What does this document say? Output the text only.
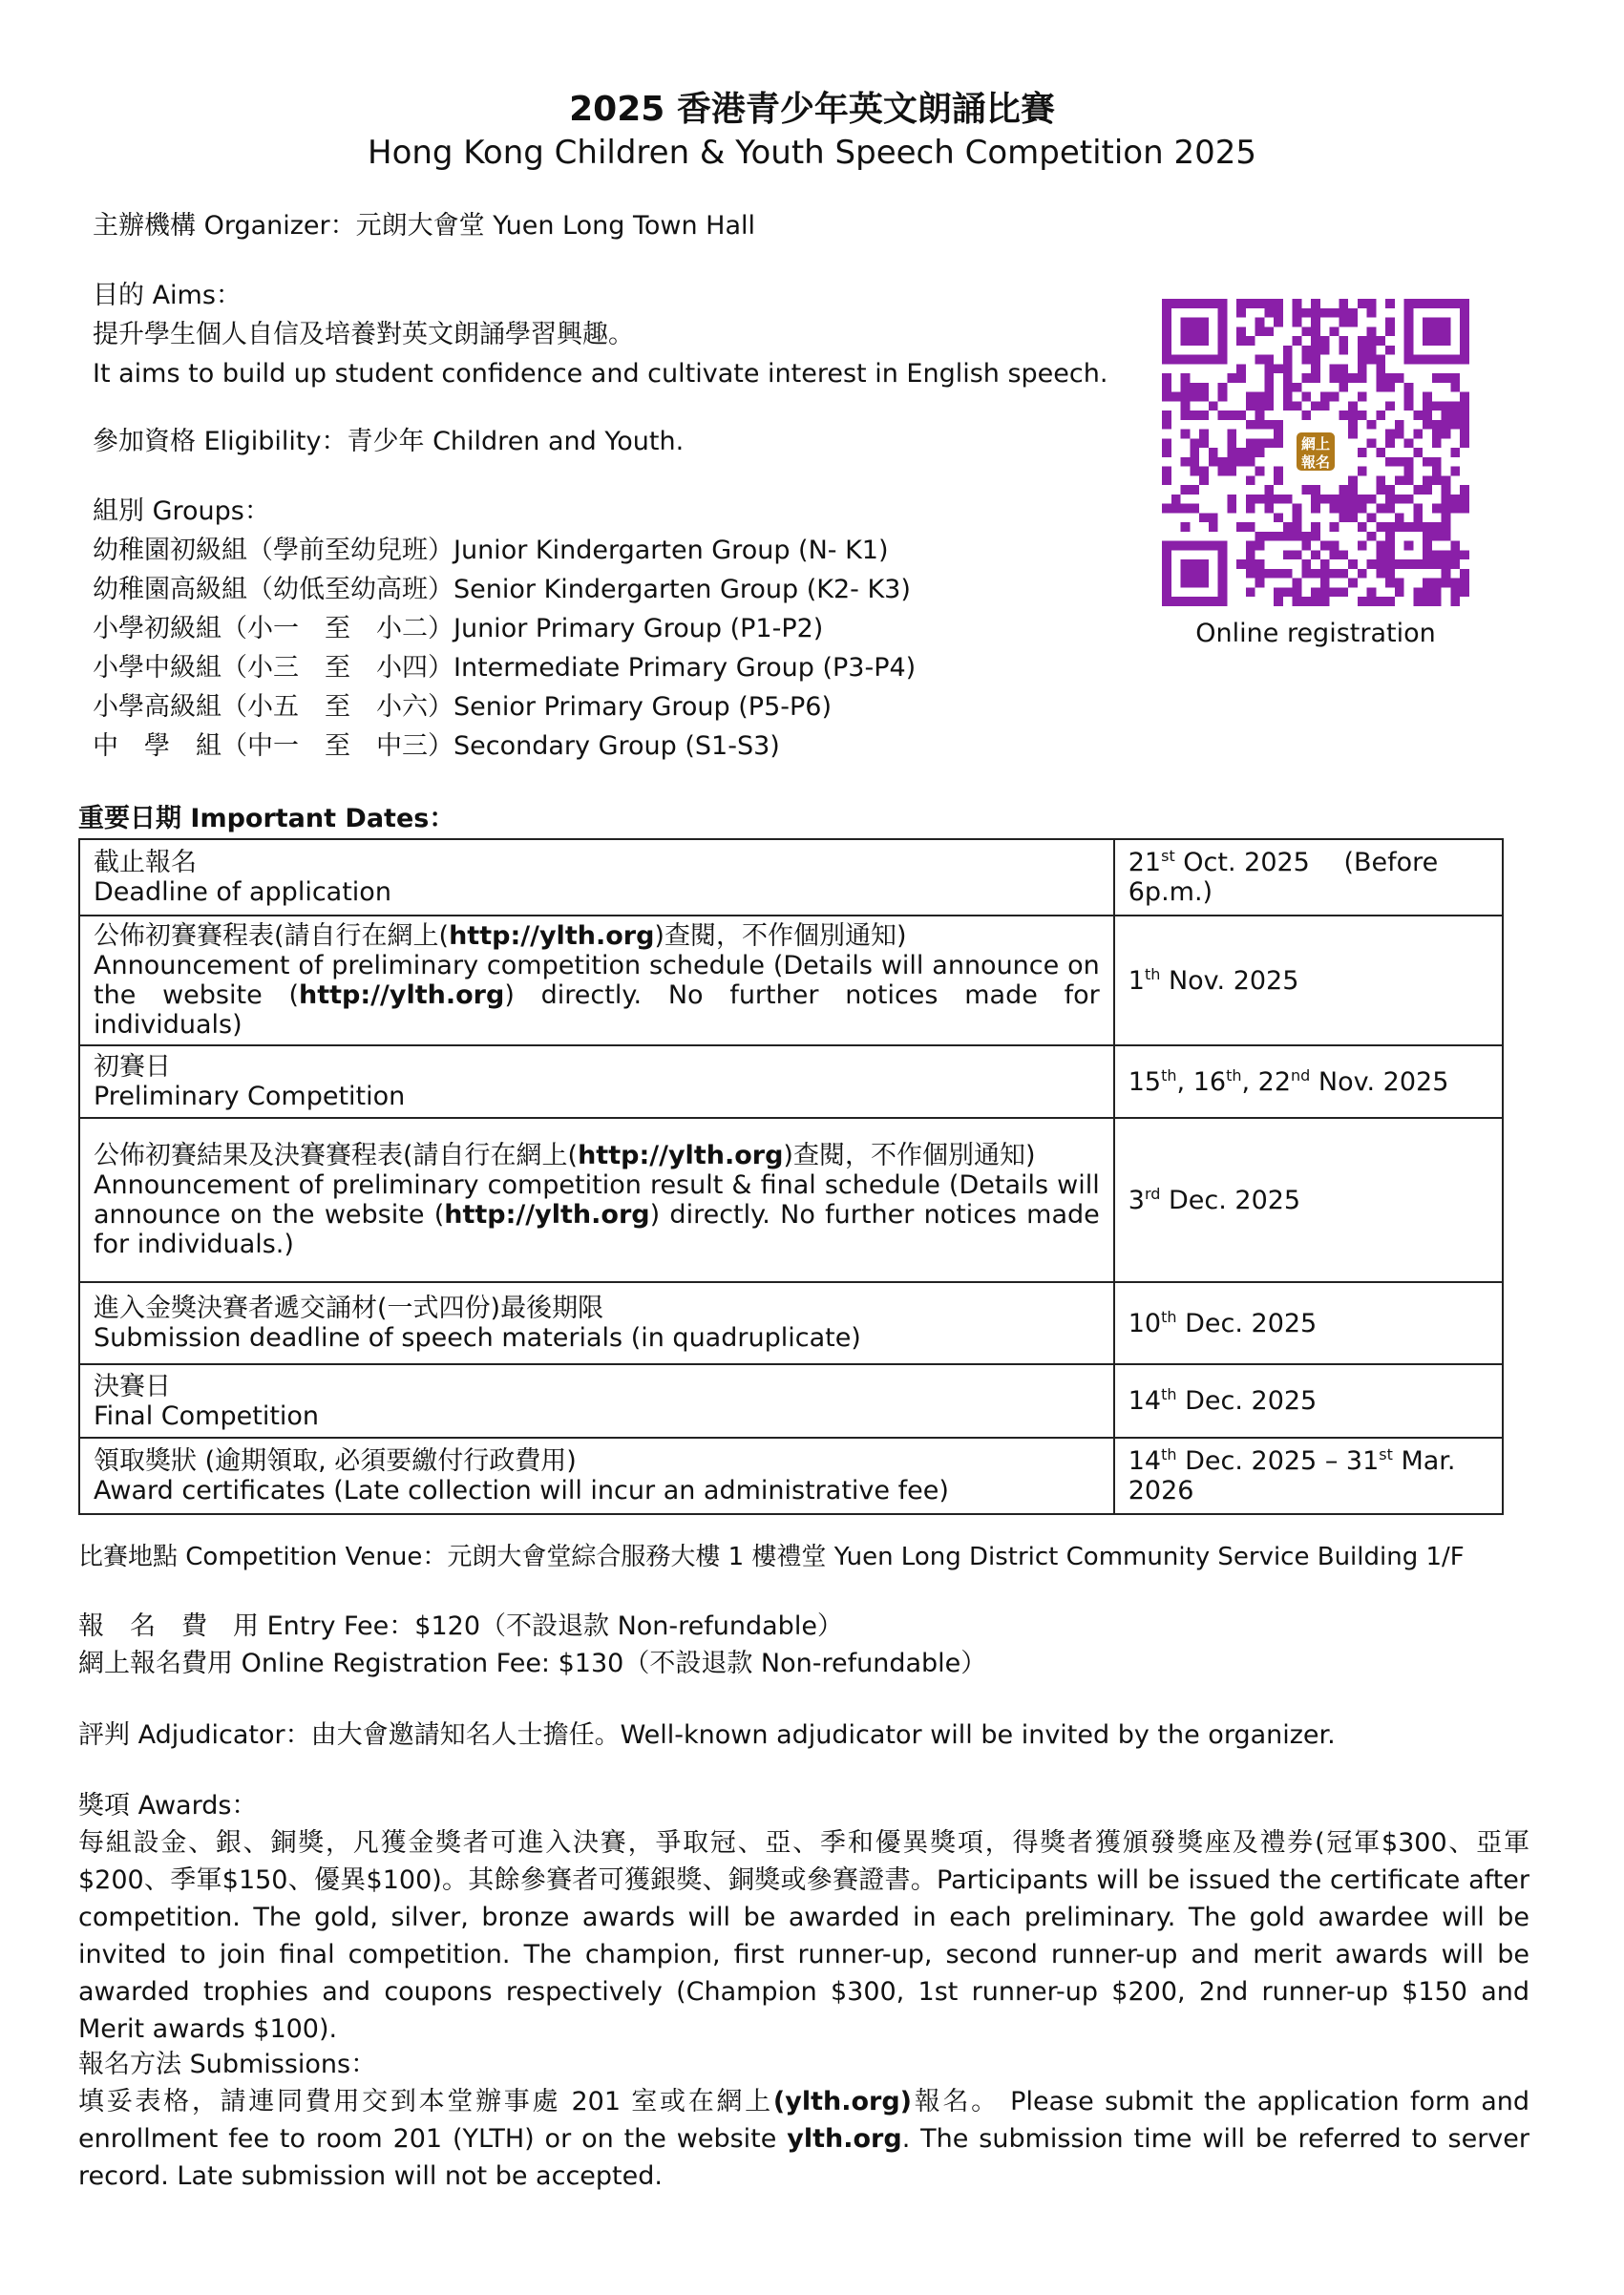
2025 香港青少年英文朗誦比賽
Hong Kong Children & Youth Speech Competition 2025
主辦機構 Organizer：元朗大會堂 Yuen Long Town Hall
目的 Aims：
提升學生個人自信及培養對英文朗誦學習興趣。
It aims to build up student confidence and cultivate interest in English speech.
參加資格 Eligibility：青少年 Children and Youth.
組別 Groups：
幼稚園初級組（學前至幼兒班）Junior Kindergarten Group (N- K1)
幼稚園高級組（幼低至幼高班）Senior Kindergarten Group (K2- K3)
小學初級組（小一　至　小二）Junior Primary Group (P1-P2)
小學中級組（小三　至　小四）Intermediate Primary Group (P3-P4)
小學高級組（小五　至　小六）Senior Primary Group (P5-P6)
中　學　組（中一　至　中三）Secondary Group (S1-S3)
網上報名
Online registration
重要日期 Important Dates：
截止報名
Deadline of application	21st Oct. 2025　 (Before 6p.m.)

公佈初賽賽程表(請自行在網上(http://ylth.org)查閱，不作個別通知)
Announcement of preliminary competition schedule (Details will announce on the website (http://ylth.org) directly. No further notices made for individuals)	1th Nov. 2025

初賽日
Preliminary Competition	15th, 16th, 22nd Nov. 2025

公佈初賽結果及決賽賽程表(請自行在網上(http://ylth.org)查閱，不作個別通知)
Announcement of preliminary competition result & final schedule (Details will announce on the website (http://ylth.org) directly. No further notices made for individuals.)	3rd Dec. 2025

進入金獎決賽者遞交誦材(一式四份)最後期限
Submission deadline of speech materials (in quadruplicate)	10th Dec. 2025

決賽日
Final Competition	14th Dec. 2025

領取獎狀 (逾期領取, 必須要繳付行政費用)
Award certificates (Late collection will incur an administrative fee)	14th Dec. 2025 – 31st Mar. 2026
比賽地點 Competition Venue：元朗大會堂綜合服務大樓 1 樓禮堂 Yuen Long District Community Service Building 1/F
報　名　費　用 Entry Fee：$120（不設退款 Non-refundable）
網上報名費用 Online Registration Fee: $130（不設退款 Non-refundable）
評判 Adjudicator：由大會邀請知名人士擔任。Well-known adjudicator will be invited by the organizer.
獎項 Awards：
每組設金、銀、銅獎，凡獲金獎者可進入決賽，爭取冠、亞、季和優異獎項，得獎者獲頒發獎座及禮券(冠軍$300、亞軍$200、季軍$150、優異$100)。其餘參賽者可獲銀獎、銅獎或參賽證書。Participants will be issued the certificate after competition. The gold, silver, bronze awards will be awarded in each preliminary. The gold awardee will be invited to join final competition. The champion, first runner-up, second runner-up and merit awards will be awarded trophies and coupons respectively (Champion $300, 1st runner-up $200, 2nd runner-up $150 and Merit awards $100).
報名方法 Submissions：
填妥表格，請連同費用交到本堂辦事處 201 室或在網上(ylth.org)報名。 Please submit the application form and enrollment fee to room 201 (YLTH) or on the website ylth.org. The submission time will be referred to server record. Late submission will not be accepted.
